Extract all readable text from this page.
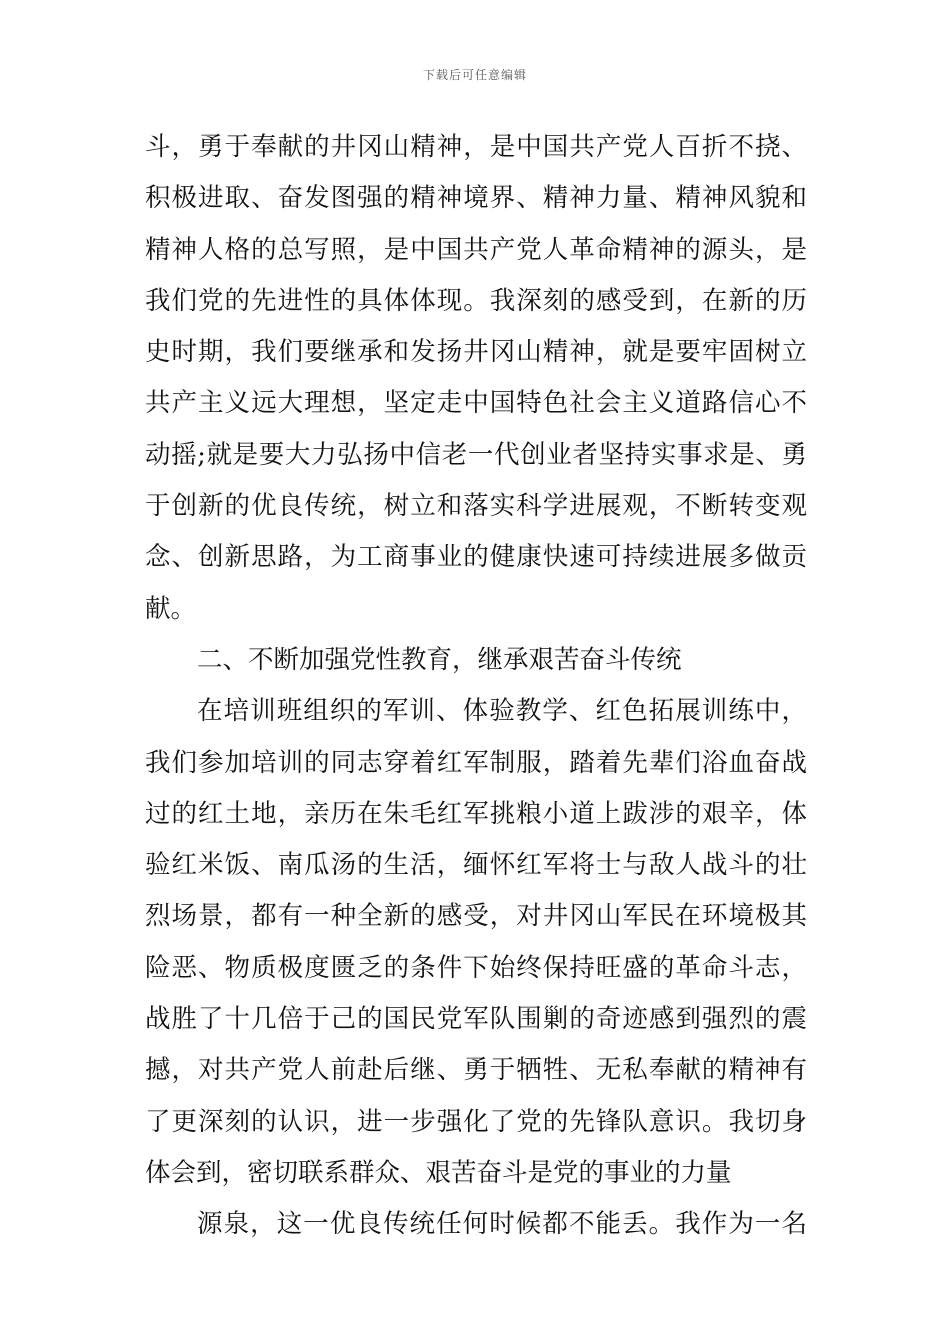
下载后可任意编辑
斗，勇于奉献的井冈山精神，是中国共产党人百折不挠、
积极进取、奋发图强的精神境界、精神力量、精神风貌和
精神人格的总写照，是中国共产党人革命精神的源头，是
我们党的先进性的具体体现。我深刻的感受到，在新的历
史时期，我们要继承和发扬井冈山精神，就是要牢固树立
共产主义远大理想，坚定走中国特色社会主义道路信心不
动摇;就是要大力弘扬中信老一代创业者坚持实事求是、勇
于创新的优良传统，树立和落实科学进展观，不断转变观
念、创新思路，为工商事业的健康快速可持续进展多做贡
献。
二、不断加强党性教育，继承艰苦奋斗传统
在培训班组织的军训、体验教学、红色拓展训练中，
我们参加培训的同志穿着红军制服，踏着先辈们浴血奋战
过的红土地，亲历在朱毛红军挑粮小道上跋涉的艰辛，体
验红米饭、南瓜汤的生活，缅怀红军将士与敌人战斗的壮
烈场景，都有一种全新的感受，对井冈山军民在环境极其
险恶、物质极度匮乏的条件下始终保持旺盛的革命斗志，
战胜了十几倍于己的国民党军队围剿的奇迹感到强烈的震
撼，对共产党人前赴后继、勇于牺牲、无私奉献的精神有
了更深刻的认识，进一步强化了党的先锋队意识。我切身
体会到，密切联系群众、艰苦奋斗是党的事业的力量
源泉，这一优良传统任何时候都不能丢。我作为一名
